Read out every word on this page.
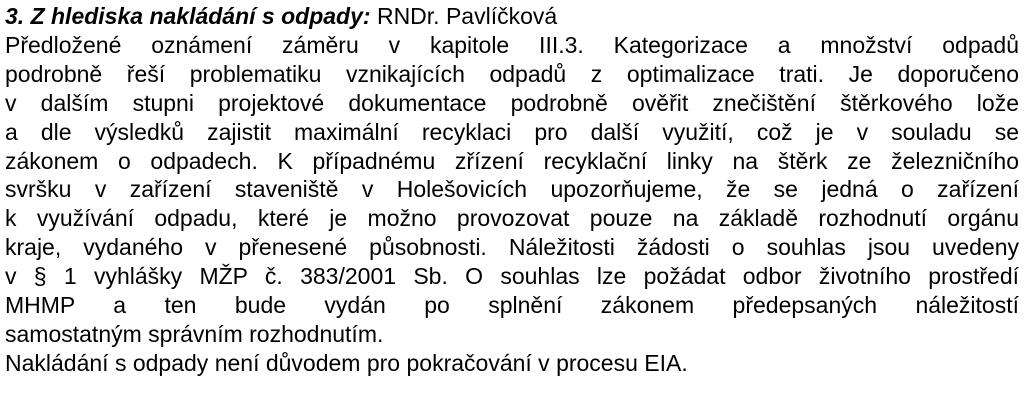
3. Z hlediska nakládání s odpady: RNDr. Pavlíčková
Předložené oznámení záměru v kapitole III.3. Kategorizace a množství odpadů
podrobně řeší problematiku vznikajících odpadů z optimalizace trati. Je doporučeno
v dalším stupni projektové dokumentace podrobně ověřit znečištění štěrkového lože
a dle výsledků zajistit maximální recyklaci pro další využití, což je v souladu se
zákonem o odpadech. K případnému zřízení recyklační linky na štěrk ze železničního
svršku v zařízení staveniště v Holešovicích upozorňujeme, že se jedná o zařízení
k využívání odpadu, které je možno provozovat pouze na základě rozhodnutí orgánu
kraje, vydaného v přenesené působnosti. Náležitosti žádosti o souhlas jsou uvedeny
v § 1 vyhlášky MŽP č. 383/2001 Sb. O souhlas lze požádat odbor životního prostředí
MHMP a ten bude vydán po splnění zákonem předepsaných náležitostí
samostatným správním rozhodnutím.

Nakládání s odpady není důvodem pro pokračování v procesu EIA.
